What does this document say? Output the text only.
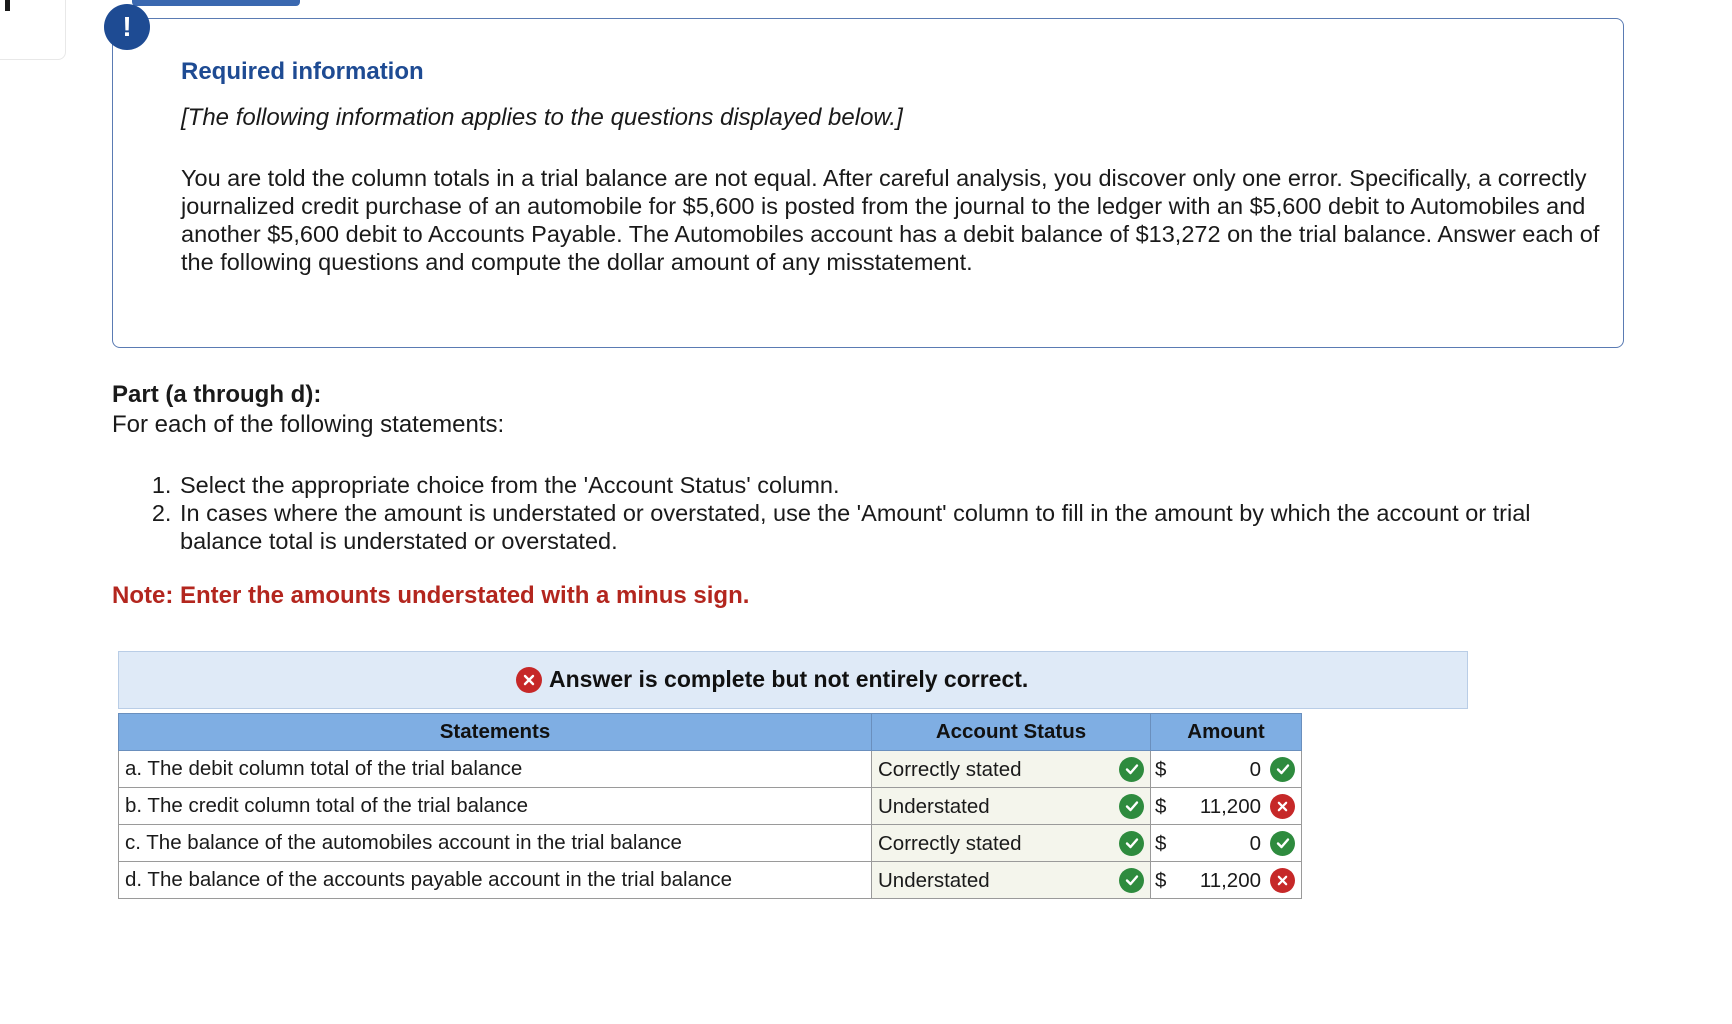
!
Required information
[The following information applies to the questions displayed below.]
You are told the column totals in a trial balance are not equal. After careful analysis, you discover only one error. Specifically, a correctly journalized credit purchase of an automobile for $5,600 is posted from the journal to the ledger with an $5,600 debit to Automobiles and another $5,600 debit to Accounts Payable. The Automobiles account has a debit balance of $13,272 on the trial balance. Answer each of the following questions and compute the dollar amount of any misstatement.
Part (a through d):
For each of the following statements:
1. Select the appropriate choice from the 'Account Status' column.
2. In cases where the amount is understated or overstated, use the 'Amount' column to fill in the amount by which the account or trial balance total is understated or overstated.
Note: Enter the amounts understated with a minus sign.
Answer is complete but not entirely correct.
Statements	Account Status	Amount
a. The debit column total of the trial balance	Correctly stated	$ 0

b. The credit column total of the trial balance	Understated	$ 11,200

c. The balance of the automobiles account in the trial balance	Correctly stated	$ 0

d. The balance of the accounts payable account in the trial balance	Understated	$ 11,200
